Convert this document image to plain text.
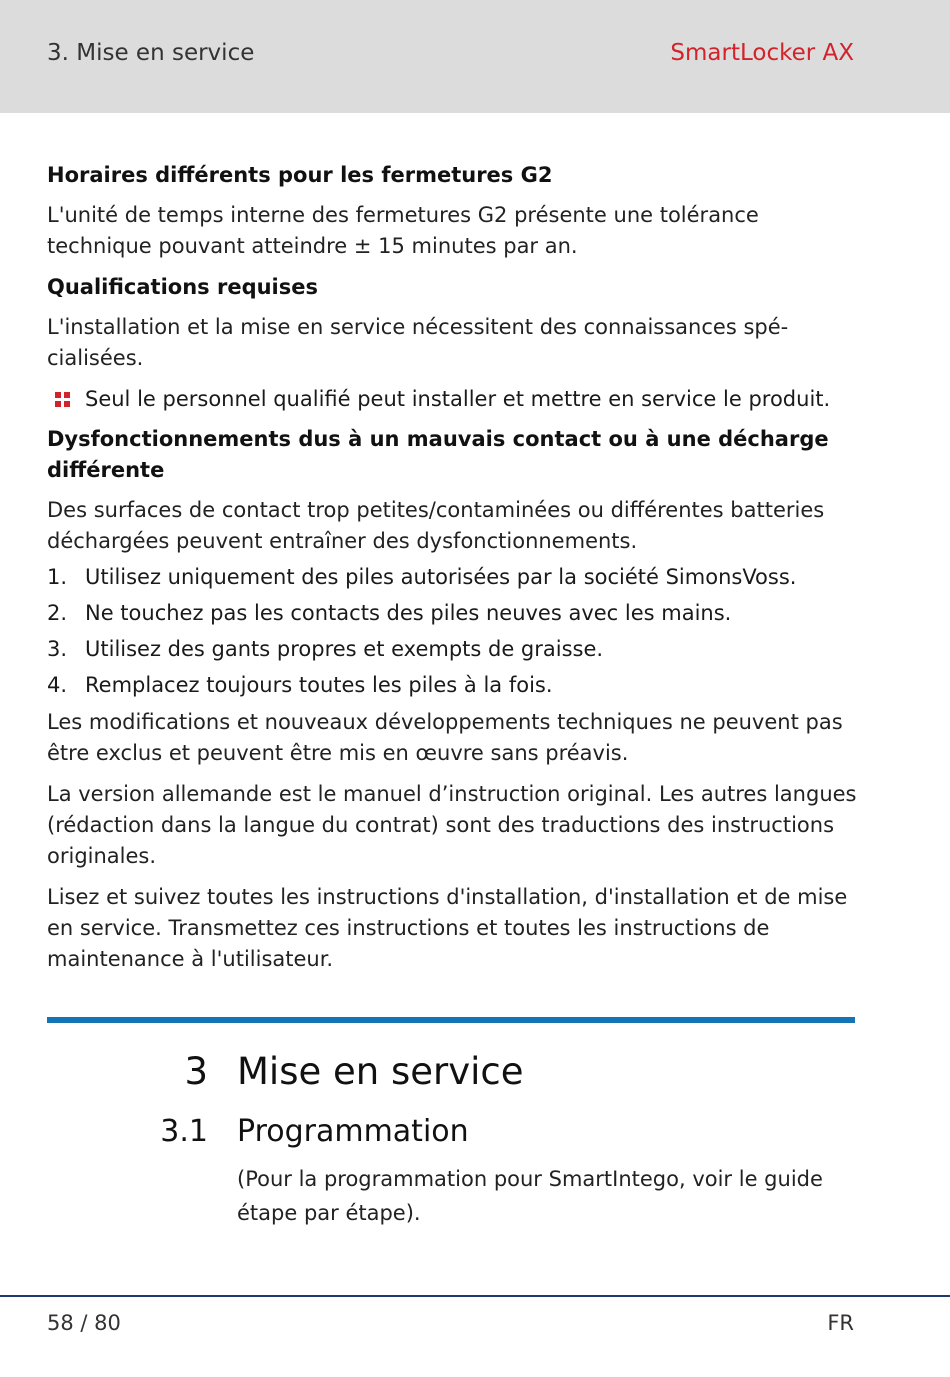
3. Mise en service	SmartLocker AX
Horaires différents pour les fermetures G2

L'unité de temps interne des fermetures G2 présente une tolérance technique pouvant atteindre ± 15 minutes par an.

Qualifications requises

L'installation et la mise en service nécessitent des connaissances spécialisées.

Seul le personnel qualifié peut installer et mettre en service le produit.
Dysfonctionnements dus à un mauvais contact ou à une décharge différente

Des surfaces de contact trop petites/contaminées ou différentes batteries déchargées peuvent entraîner des dysfonctionnements.

1. Utilisez uniquement des piles autorisées par la société SimonsVoss.
2. Ne touchez pas les contacts des piles neuves avec les mains.
3. Utilisez des gants propres et exempts de graisse.
4. Remplacez toujours toutes les piles à la fois.

Les modifications et nouveaux développements techniques ne peuvent pas être exclus et peuvent être mis en œuvre sans préavis.

La version allemande est le manuel d’instruction original. Les autres langues (rédaction dans la langue du contrat) sont des traductions des instructions originales.

Lisez et suivez toutes les instructions d'installation, d'installation et de mise en service. Transmettez ces instructions et toutes les instructions de maintenance à l'utilisateur.

3 Mise en service
3.1 Programmation
(Pour la programmation pour SmartIntego, voir le guide étape par étape).
58 / 80	FR
